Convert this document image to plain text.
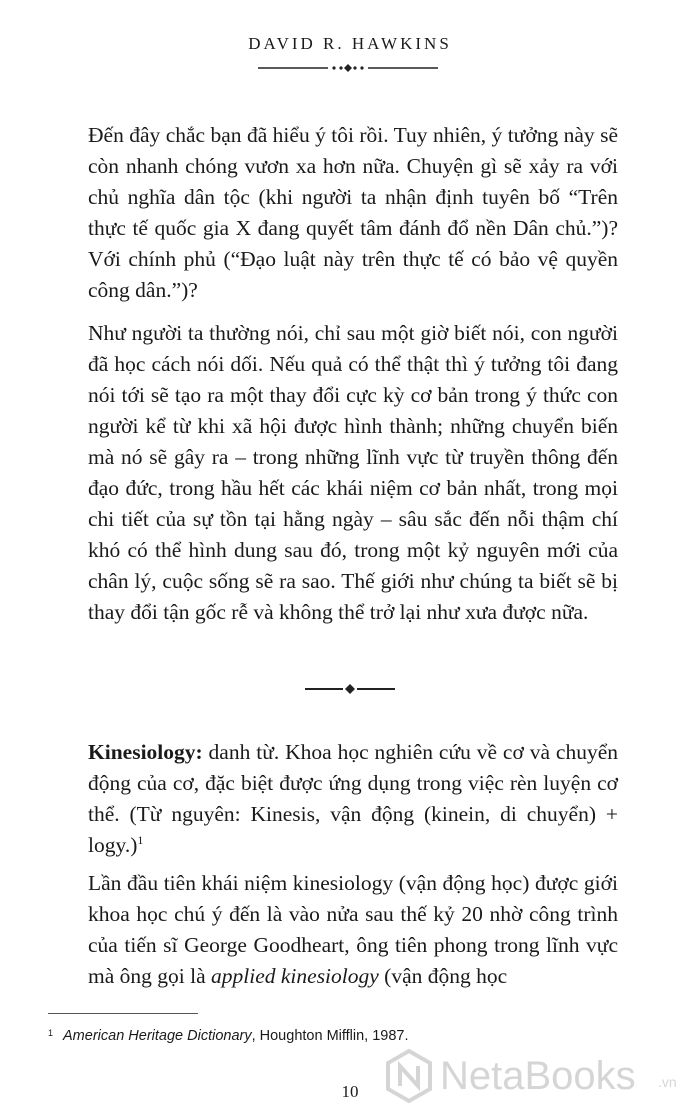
DAVID R. HAWKINS

Đến đây chắc bạn đã hiểu ý tôi rồi. Tuy nhiên, ý tưởng này sẽ còn nhanh chóng vươn xa hơn nữa. Chuyện gì sẽ xảy ra với chủ nghĩa dân tộc (khi người ta nhận định tuyên bố “Trên thực tế quốc gia X đang quyết tâm đánh đổ nền Dân chủ.”)? Với chính phủ (“Đạo luật này trên thực tế có bảo vệ quyền công dân.”)?

Như người ta thường nói, chỉ sau một giờ biết nói, con người đã học cách nói dối. Nếu quả có thể thật thì ý tưởng tôi đang nói tới sẽ tạo ra một thay đổi cực kỳ cơ bản trong ý thức con người kể từ khi xã hội được hình thành; những chuyển biến mà nó sẽ gây ra – trong những lĩnh vực từ truyền thông đến đạo đức, trong hầu hết các khái niệm cơ bản nhất, trong mọi chi tiết của sự tồn tại hằng ngày – sâu sắc đến nỗi thậm chí khó có thể hình dung sau đó, trong một kỷ nguyên mới của chân lý, cuộc sống sẽ ra sao. Thế giới như chúng ta biết sẽ bị thay đổi tận gốc rễ và không thể trở lại như xưa được nữa.

Kinesiology: danh từ. Khoa học nghiên cứu về cơ và chuyển động của cơ, đặc biệt được ứng dụng trong việc rèn luyện cơ thể. (Từ nguyên: Kinesis, vận động (kinein, di chuyển) + logy.)$^1$

Lần đầu tiên khái niệm kinesiology (vận động học) được giới khoa học chú ý đến là vào nửa sau thế kỷ 20 nhờ công trình của tiến sĩ George Goodheart, ông tiên phong trong lĩnh vực mà ông gọi là applied kinesiology (vận động học

$^1$ American Heritage Dictionary, Houghton Mifflin, 1987.
10	NetaBooks .vn
